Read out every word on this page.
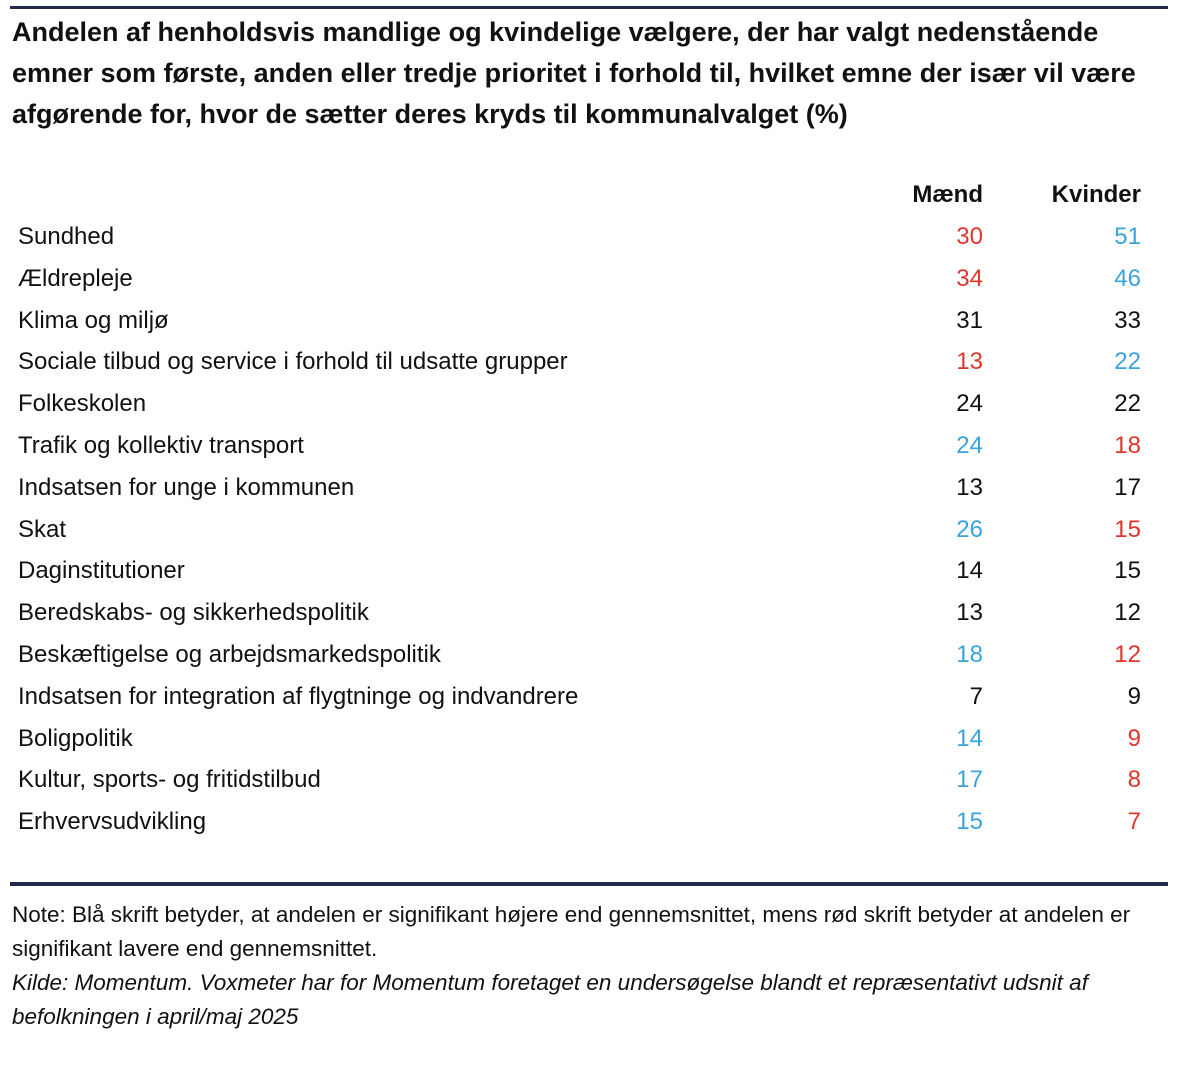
Andelen af henholdsvis mandlige og kvindelige vælgere, der har valgt nedenstående emner som første, anden eller tredje prioritet i forhold til, hvilket emne der især vil være afgørende for, hvor de sætter deres kryds til kommunalvalget (%)
Mænd	Kvinder
Sundhed	30	51
Ældrepleje	34	46
Klima og miljø	31	33
Sociale tilbud og service i forhold til udsatte grupper	13	22
Folkeskolen	24	22
Trafik og kollektiv transport	24	18
Indsatsen for unge i kommunen	13	17
Skat	26	15
Daginstitutioner	14	15
Beredskabs- og sikkerhedspolitik	13	12
Beskæftigelse og arbejdsmarkedspolitik	18	12
Indsatsen for integration af flygtninge og indvandrere	7	9
Boligpolitik	14	9
Kultur, sports- og fritidstilbud	17	8
Erhvervsudvikling	15	7
Note: Blå skrift betyder, at andelen er signifikant højere end gennemsnittet, mens rød skrift betyder at andelen er signifikant lavere end gennemsnittet.
Kilde: Momentum. Voxmeter har for Momentum foretaget en undersøgelse blandt et repræsentativt udsnit af befolkningen i april/maj 2025
